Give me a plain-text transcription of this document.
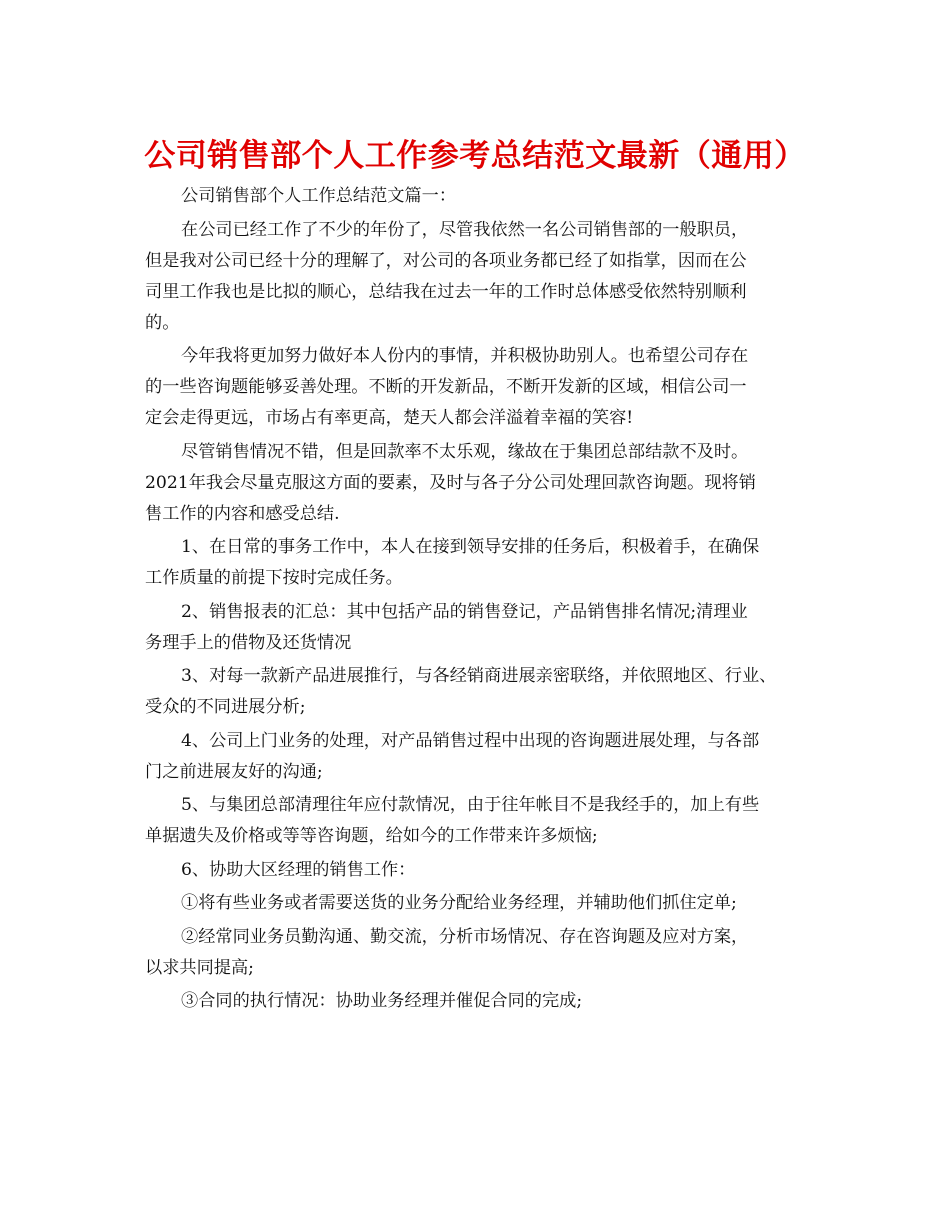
公司销售部个人工作参考总结范文最新（通用）
公司销售部个人工作总结范文篇一：
在公司已经工作了不少的年份了，尽管我依然一名公司销售部的一般职员，
但是我对公司已经十分的理解了，对公司的各项业务都已经了如指掌，因而在公
司里工作我也是比拟的顺心，总结我在过去一年的工作时总体感受依然特别顺利
的。
今年我将更加努力做好本人份内的事情，并积极协助别人。也希望公司存在
的一些咨询题能够妥善处理。不断的开发新品，不断开发新的区域，相信公司一
定会走得更远，市场占有率更高，楚天人都会洋溢着幸福的笑容!
尽管销售情况不错，但是回款率不太乐观，缘故在于集团总部结款不及时。
2021年我会尽量克服这方面的要素，及时与各子分公司处理回款咨询题。现将销
售工作的内容和感受总结.
1、在日常的事务工作中，本人在接到领导安排的任务后，积极着手，在确保
工作质量的前提下按时完成任务。
2、销售报表的汇总：其中包括产品的销售登记，产品销售排名情况;清理业
务理手上的借物及还货情况
3、对每一款新产品进展推行，与各经销商进展亲密联络，并依照地区、行业、
受众的不同进展分析;
4、公司上门业务的处理，对产品销售过程中出现的咨询题进展处理，与各部
门之前进展友好的沟通;
5、与集团总部清理往年应付款情况，由于往年帐目不是我经手的，加上有些
单据遗失及价格或等等咨询题，给如今的工作带来许多烦恼;
6、协助大区经理的销售工作：
①将有些业务或者需要送货的业务分配给业务经理，并辅助他们抓住定单;
②经常同业务员勤沟通、勤交流，分析市场情况、存在咨询题及应对方案，
以求共同提高;
③合同的执行情况：协助业务经理并催促合同的完成;
